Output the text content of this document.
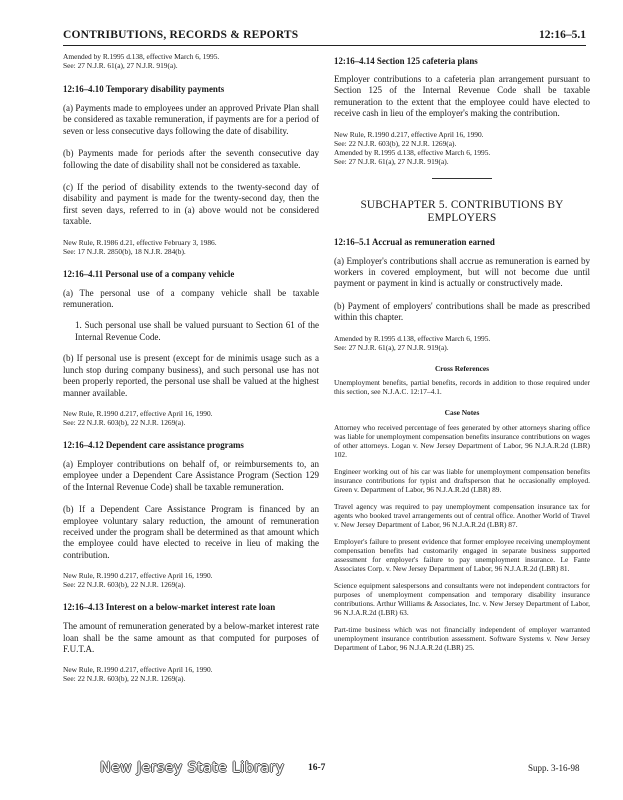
CONTRIBUTIONS, RECORDS & REPORTS	12:16–5.1

Amended by R.1995 d.138, effective March 6, 1995.

See: 27 N.J.R. 61(a), 27 N.J.R. 919(a).

12:16–4.10 Temporary disability payments

(a) Payments made to employees under an approved Private Plan shall be considered as taxable remuneration, if payments are for a period of seven or less consecutive days following the date of disability.

(b) Payments made for periods after the seventh consecutive day following the date of disability shall not be considered as taxable.

(c) If the period of disability extends to the twenty-second day of disability and payment is made for the twenty-second day, then the first seven days, referred to in (a) above would not be considered taxable.

New Rule, R.1986 d.21, effective February 3, 1986.

See: 17 N.J.R. 2850(b), 18 N.J.R. 284(b).

12:16–4.11 Personal use of a company vehicle

(a) The personal use of a company vehicle shall be taxable remuneration.

1. Such personal use shall be valued pursuant to Section 61 of the Internal Revenue Code.

(b) If personal use is present (except for de minimis usage such as a lunch stop during company business), and such personal use has not been properly reported, the personal use shall be valued at the highest manner available.

New Rule, R.1990 d.217, effective April 16, 1990.

See: 22 N.J.R. 603(b), 22 N.J.R. 1269(a).

12:16–4.12 Dependent care assistance programs

(a) Employer contributions on behalf of, or reimbursements to, an employee under a Dependent Care Assistance Program (Section 129 of the Internal Revenue Code) shall be taxable remuneration.

(b) If a Dependent Care Assistance Program is financed by an employee voluntary salary reduction, the amount of remuneration received under the program shall be determined as that amount which the employee could have elected to receive in lieu of making the contribution.

New Rule, R.1990 d.217, effective April 16, 1990.

See: 22 N.J.R. 603(b), 22 N.J.R. 1269(a).

12:16–4.13 Interest on a below-market interest rate loan

The amount of remuneration generated by a below-market interest rate loan shall be the same amount as that computed for purposes of F.U.T.A.

New Rule, R.1990 d.217, effective April 16, 1990.

See: 22 N.J.R. 603(b), 22 N.J.R. 1269(a).

12:16–4.14 Section 125 cafeteria plans

Employer contributions to a cafeteria plan arrangement pursuant to Section 125 of the Internal Revenue Code shall be taxable remuneration to the extent that the employee could have elected to receive cash in lieu of the employer's making the contribution.

New Rule, R.1990 d.217, effective April 16, 1990.

See: 22 N.J.R. 603(b), 22 N.J.R. 1269(a).

Amended by R.1995 d.138, effective March 6, 1995.

See: 27 N.J.R. 61(a), 27 N.J.R. 919(a).

SUBCHAPTER 5. CONTRIBUTIONS BY

EMPLOYERS

12:16–5.1 Accrual as remuneration earned

(a) Employer's contributions shall accrue as remuneration is earned by workers in covered employment, but will not become due until payment or payment in kind is actually or constructively made.

(b) Payment of employers' contributions shall be made as prescribed within this chapter.

Amended by R.1995 d.138, effective March 6, 1995.

See: 27 N.J.R. 61(a), 27 N.J.R. 919(a).

Cross References

Unemployment benefits, partial benefits, records in addition to those required under this section, see N.J.A.C. 12:17–4.1.

Case Notes

Attorney who received percentage of fees generated by other attorneys sharing office was liable for unemployment compensation benefits insurance contributions on wages of other attorneys. Logan v. New Jersey Department of Labor, 96 N.J.A.R.2d (LBR) 102.

Engineer working out of his car was liable for unemployment compensation benefits insurance contributions for typist and draftsperson that he occasionally employed. Green v. Department of Labor, 96 N.J.A.R.2d (LBR) 89.

Travel agency was required to pay unemployment compensation insurance tax for agents who booked travel arrangements out of central office. Another World of Travel v. New Jersey Department of Labor, 96 N.J.A.R.2d (LBR) 87.

Employer's failure to present evidence that former employee receiving unemployment compensation benefits had customarily engaged in separate business supported assessment for employer's failure to pay unemployment insurance. Le Fante Associates Corp. v. New Jersey Department of Labor, 96 N.J.A.R.2d (LBR) 81.

Science equipment salespersons and consultants were not independent contractors for purposes of unemployment compensation and temporary disability insurance contributions. Arthur Williams & Associates, Inc. v. New Jersey Department of Labor, 96 N.J.A.R.2d (LBR) 63.

Part-time business which was not financially independent of employer warranted unemployment insurance contribution assessment. Software Systems v. New Jersey Department of Labor, 96 N.J.A.R.2d (LBR) 25.

New Jersey State Library 16-7	Supp. 3-16-98
